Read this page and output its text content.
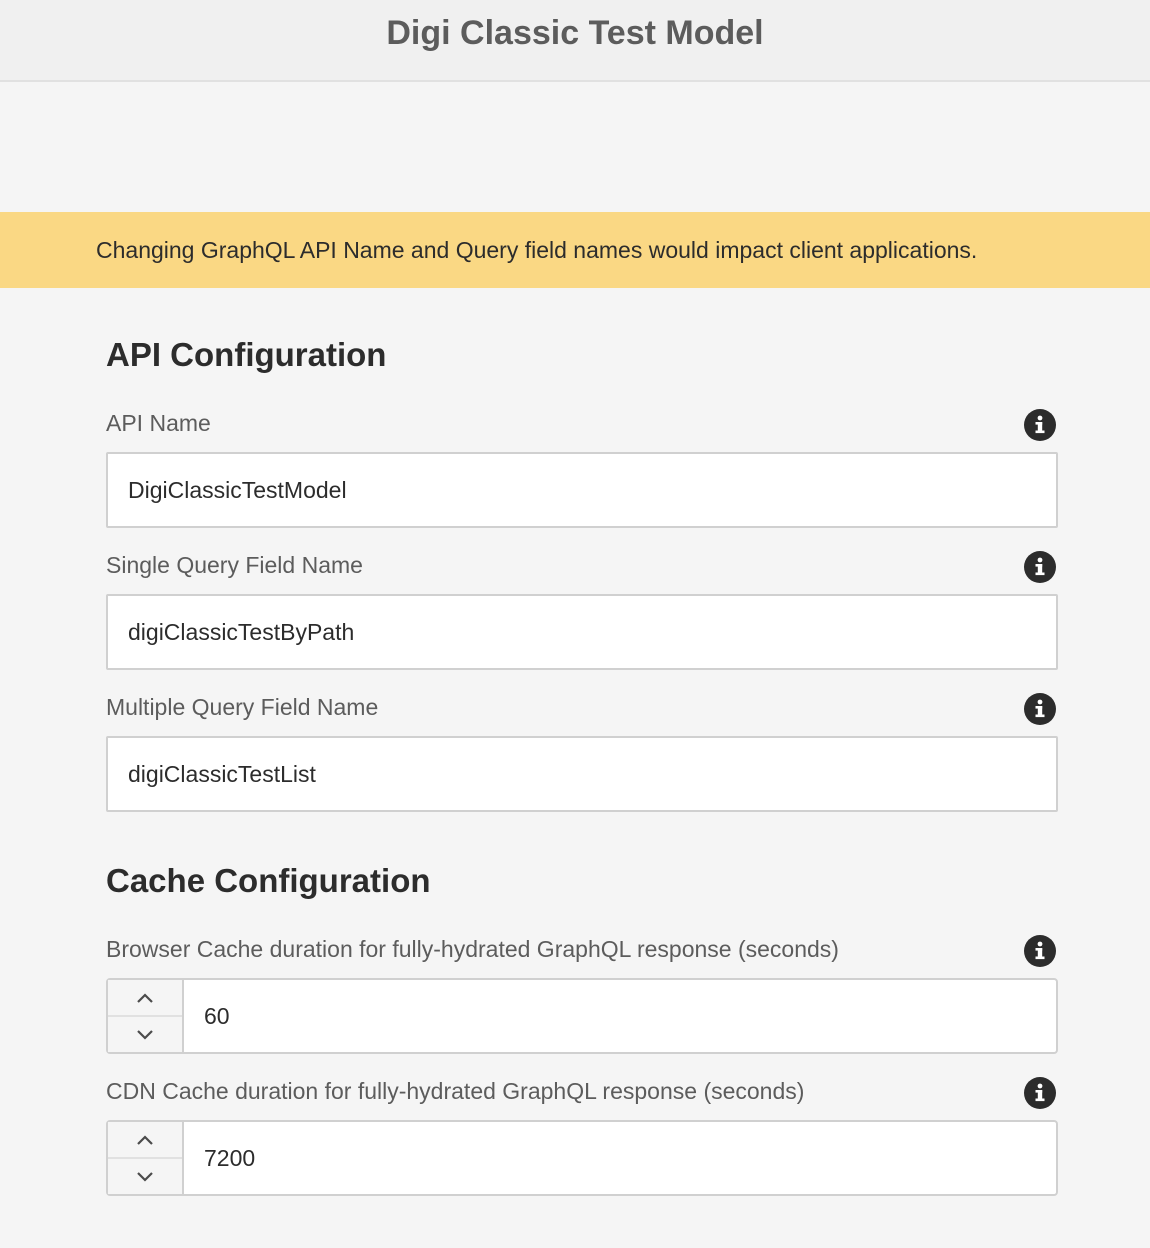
Digi Classic Test Model
Changing GraphQL API Name and Query field names would impact client applications.
API Configuration
API Name
DigiClassicTestModel
Single Query Field Name
digiClassicTestByPath
Multiple Query Field Name
digiClassicTestList
Cache Configuration
Browser Cache duration for fully-hydrated GraphQL response (seconds)
60
CDN Cache duration for fully-hydrated GraphQL response (seconds)
7200
